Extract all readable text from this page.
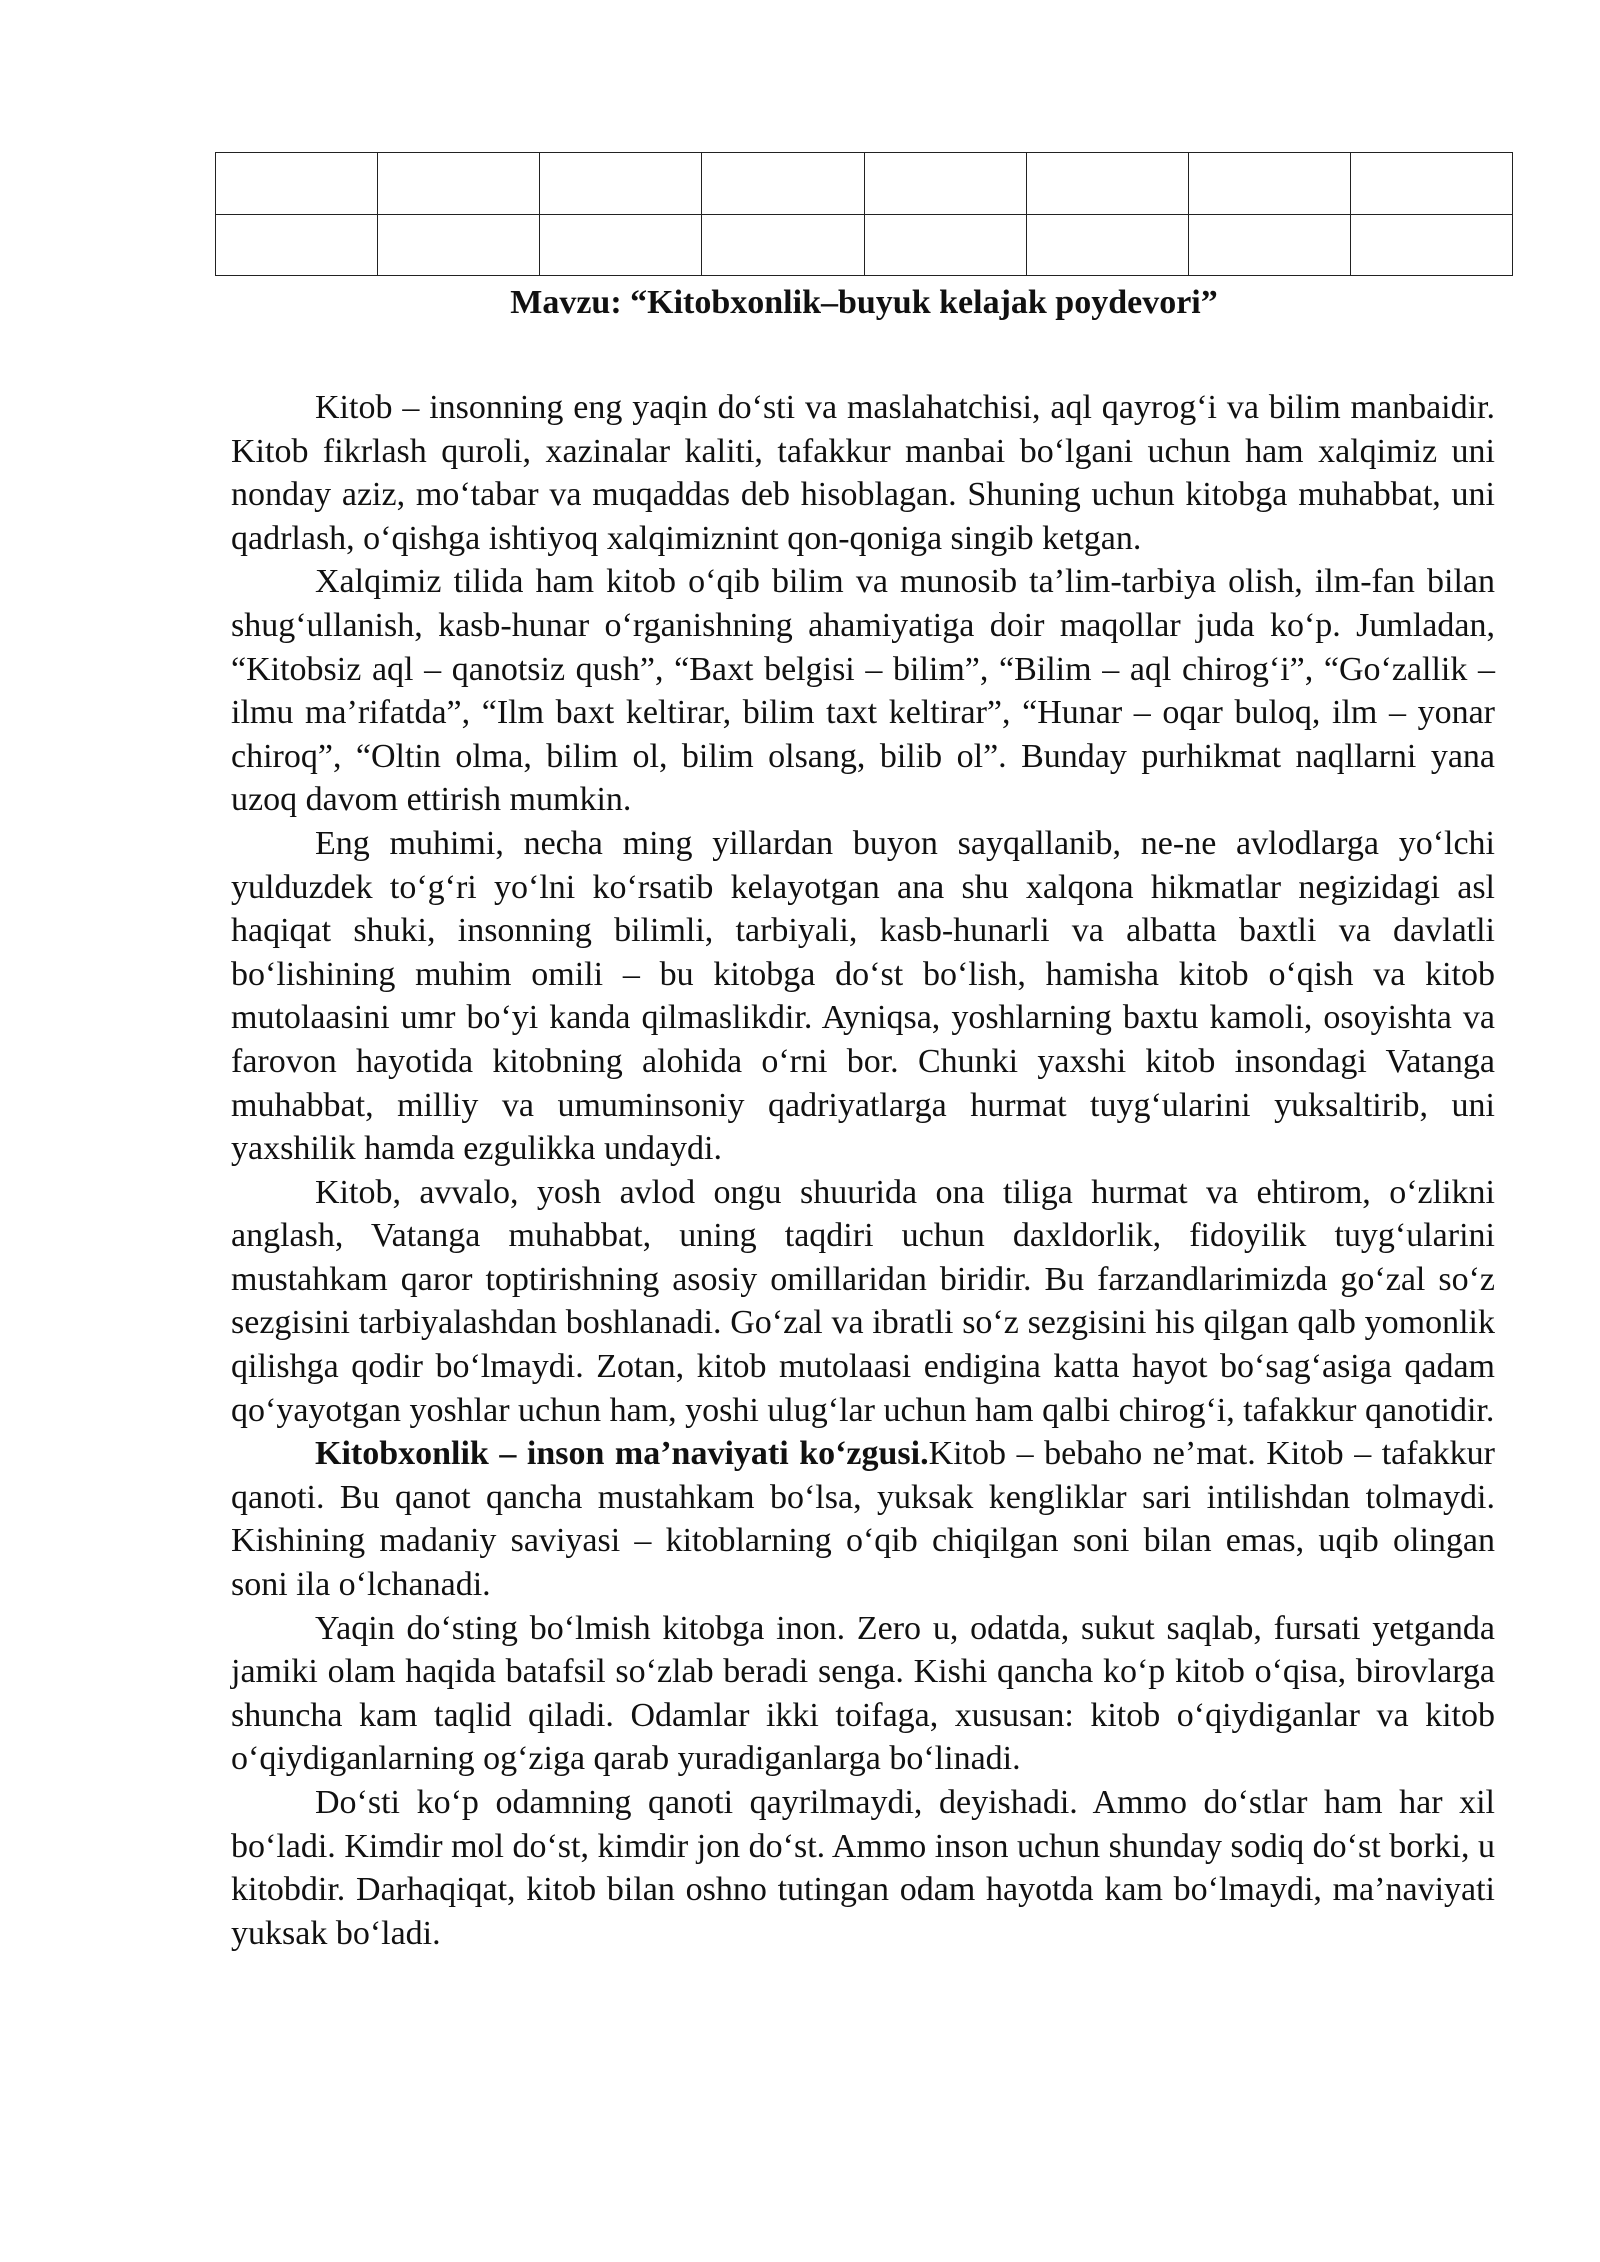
Mavzu: “Kitobxonlik–buyuk kelajak poydevori”

Kitob – insonning eng yaqin do‘sti va maslahatchisi, aql qayrog‘i va bilim manbaidir. Kitob fikrlash quroli, xazinalar kaliti, tafakkur manbai bo‘lgani uchun ham xalqimiz uni nonday aziz, mo‘tabar va muqaddas deb hisoblagan. Shuning uchun kitobga muhabbat, uni qadrlash, o‘qishga ishtiyoq xalqimiznint qon-qoniga singib ketgan.

Xalqimiz tilida ham kitob o‘qib bilim va munosib ta’lim-tarbiya olish, ilm-fan bilan shug‘ullanish, kasb-hunar o‘rganishning ahamiyatiga doir maqollar juda ko‘p. Jumladan, “Kitobsiz aql – qanotsiz qush”, “Baxt belgisi – bilim”, “Bilim – aql chirog‘i”, “Go‘zallik – ilmu ma’rifatda”, “Ilm baxt keltirar, bilim taxt keltirar”, “Hunar – oqar buloq, ilm – yonar chiroq”, “Oltin olma, bilim ol, bilim olsang, bilib ol”. Bunday purhikmat naqllarni yana uzoq davom ettirish mumkin.

Eng muhimi, necha ming yillardan buyon sayqallanib, ne-ne avlodlarga yo‘lchi yulduzdek to‘g‘ri yo‘lni ko‘rsatib kelayotgan ana shu xalqona hikmatlar negizidagi asl haqiqat shuki, insonning bilimli, tarbiyali, kasb-hunarli va albatta baxtli va davlatli bo‘lishining muhim omili – bu kitobga do‘st bo‘lish, hamisha kitob o‘qish va kitob mutolaasini umr bo‘yi kanda qilmaslikdir. Ayniqsa, yoshlarning baxtu kamoli, osoyishta va farovon hayotida kitobning alohida o‘rni bor. Chunki yaxshi kitob insondagi Vatanga muhabbat, milliy va umuminsoniy qadriyatlarga hurmat tuyg‘ularini yuksaltirib, uni yaxshilik hamda ezgulikka undaydi.

Kitob, avvalo, yosh avlod ongu shuurida ona tiliga hurmat va ehtirom, o‘zlikni anglash, Vatanga muhabbat, uning taqdiri uchun daxldorlik, fidoyilik tuyg‘ularini mustahkam qaror toptirishning asosiy omillaridan biridir. Bu farzandlarimizda go‘zal so‘z sezgisini tarbiyalashdan boshlanadi. Go‘zal va ibratli so‘z sezgisini his qilgan qalb yomonlik qilishga qodir bo‘lmaydi. Zotan, kitob mutolaasi endigina katta hayot bo‘sag‘asiga qadam qo‘yayotgan yoshlar uchun ham, yoshi ulug‘lar uchun ham qalbi chirog‘i, tafakkur qanotidir.

Kitobxonlik – inson ma’naviyati ko‘zgusi.Kitob – bebaho ne’mat. Kitob – tafakkur qanoti. Bu qanot qancha mustahkam bo‘lsa, yuksak kengliklar sari intilishdan tolmaydi. Kishining madaniy saviyasi – kitoblarning o‘qib chiqilgan soni bilan emas, uqib olingan soni ila o‘lchanadi.

Yaqin do‘sting bo‘lmish kitobga inon. Zero u, odatda, sukut saqlab, fursati yetganda jamiki olam haqida batafsil so‘zlab beradi senga. Kishi qancha ko‘p kitob o‘qisa, birovlarga shuncha kam taqlid qiladi. Odamlar ikki toifaga, xususan: kitob o‘qiydiganlar va kitob o‘qiydiganlarning og‘ziga qarab yuradiganlarga bo‘linadi.

Do‘sti ko‘p odamning qanoti qayrilmaydi, deyishadi. Ammo do‘stlar ham har xil bo‘ladi. Kimdir mol do‘st, kimdir jon do‘st. Ammo inson uchun shunday sodiq do‘st borki, u kitobdir. Darhaqiqat, kitob bilan oshno tutingan odam hayotda kam bo‘lmaydi, ma’naviyati yuksak bo‘ladi.
